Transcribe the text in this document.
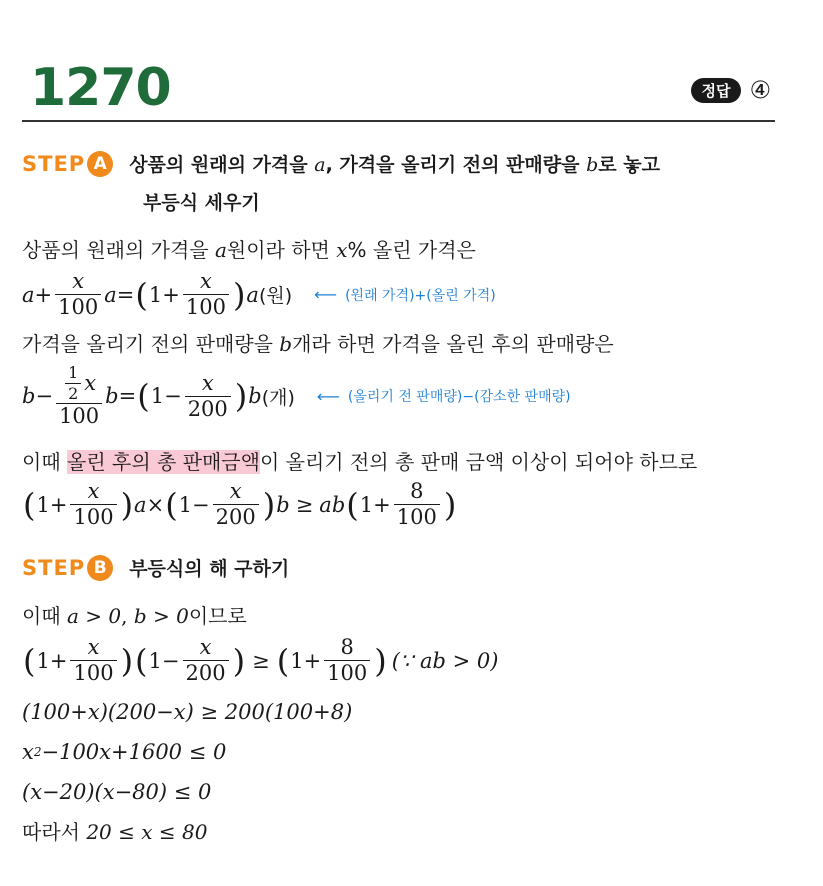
1270	정답 ④
STEP A	상품의 원래의 가격을 a, 가격을 올리기 전의 판매량을 b로 놓고
부등식 세우기
상품의 원래의 가격을 a원이라 하면 x% 올린 가격은
$a + \frac{x}{100}$ a = ( $1 + \frac{x}{100}$ ) a (원) ⟵ (원래 가격)+(올린 가격)
가격을 올리기 전의 판매량을 b개라 하면 가격을 올린 후의 판매량은
$b - \frac{\frac{1}{2} x}{100}$ b = ( $1 - \frac{x}{200}$ ) b (개) ⟵ (올리기 전 판매량)−(감소한 판매량)
이때 올린 후의 총 판매금액이 올리기 전의 총 판매 금액 이상이 되어야 하므로
( $1 + \frac{x}{100}$ ) a × ( $1 - \frac{x}{200}$ ) b ≥ ab ( $1 + \frac{8}{100}$ )
STEP B	부등식의 해 구하기
이때 a > 0, b > 0이므로
( $1 + \frac{x}{100}$ ) ( $1 - \frac{x}{200}$ ) ≥ ( $1 + \frac{8}{100}$ ) (∵ ab > 0)
(100+x)(200−x) ≥ 200(100+8)
x 2 −100x+1600 ≤ 0
(x−20)(x−80) ≤ 0
따라서 20 ≤ x ≤ 80
